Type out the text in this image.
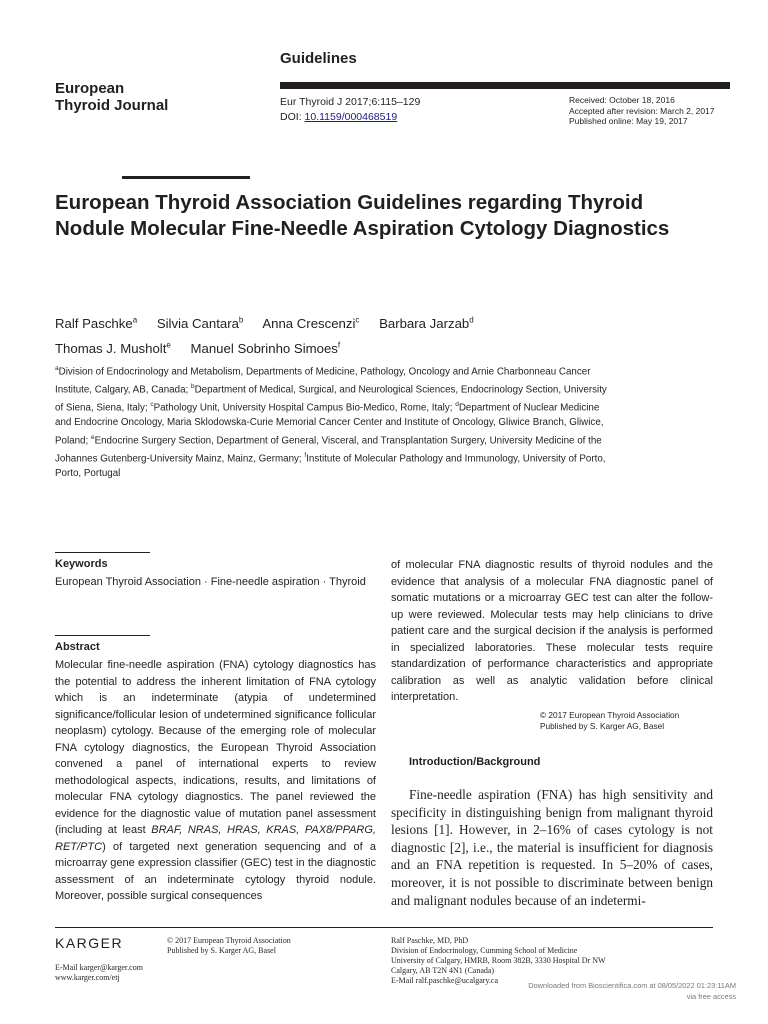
Guidelines
European
Thyroid Journal	Eur Thyroid J 2017;6:115–129
DOI: 10.1159/000468519
Received: October 18, 2016
Accepted after revision: March 2, 2017
Published online: May 19, 2017
European Thyroid Association Guidelines regarding Thyroid Nodule Molecular Fine-Needle Aspiration Cytology Diagnostics
Ralf Paschke$^a$ Silvia Cantara$^b$ Anna Crescenzi$^c$ Barbara Jarzab$^d$
Thomas J. Musholt$^e$ Manuel Sobrinho Simoes$^f$
$^a$Division of Endocrinology and Metabolism, Departments of Medicine, Pathology, Oncology and Arnie Charbonneau Cancer Institute, Calgary, AB, Canada; $^b$Department of Medical, Surgical, and Neurological Sciences, Endocrinology Section, University of Siena, Siena, Italy; $^c$Pathology Unit, University Hospital Campus Bio-Medico, Rome, Italy; $^d$Department of Nuclear Medicine and Endocrine Oncology, Maria Sklodowska-Curie Memorial Cancer Center and Institute of Oncology, Gliwice Branch, Gliwice, Poland; $^e$Endocrine Surgery Section, Department of General, Visceral, and Transplantation Surgery, University Medicine of the Johannes Gutenberg-University Mainz, Mainz, Germany; $^f$Institute of Molecular Pathology and Immunology, University of Porto, Porto, Portugal
Keywords
European Thyroid Association · Fine-needle aspiration · Thyroid
Abstract
Molecular fine-needle aspiration (FNA) cytology diagnostics has the potential to address the inherent limitation of FNA cytology which is an indeterminate (atypia of undetermined significance/follicular lesion of undetermined significance follicular neoplasm) cytology. Because of the emerging role of molecular FNA cytology diagnostics, the European Thyroid Association convened a panel of international experts to review methodological aspects, indications, results, and limitations of molecular FNA cytology diagnostics. The panel reviewed the evidence for the diagnostic value of mutation panel assessment (including at least BRAF, NRAS, HRAS, KRAS, PAX8/PPARG, RET/PTC) of targeted next generation sequencing and of a microarray gene expression classifier (GEC) test in the diagnostic assessment of an indeterminate cytology thyroid nodule. Moreover, possible surgical consequences
of molecular FNA diagnostic results of thyroid nodules and the evidence that analysis of a molecular FNA diagnostic panel of somatic mutations or a microarray GEC test can alter the follow-up were reviewed. Molecular tests may help clinicians to drive patient care and the surgical decision if the analysis is performed in specialized laboratories. These molecular tests require standardization of performance characteristics and appropriate calibration as well as analytic validation before clinical interpretation.
© 2017 European Thyroid Association
Published by S. Karger AG, Basel
Introduction/Background

Fine-needle aspiration (FNA) has high sensitivity and specificity in distinguishing benign from malignant thyroid lesions [1]. However, in 2–16% of cases cytology is not diagnostic [2], i.e., the material is insufficient for diagnosis and an FNA repetition is requested. In 5–20% of cases, moreover, it is not possible to discriminate between benign and malignant nodules because of an indetermi-

KARGER	© 2017 European Thyroid Association
Published by S. Karger AG, Basel
E-Mail karger@karger.com
www.karger.com/etj
Ralf Paschke, MD, PhD
Division of Endocrinology, Cumming School of Medicine
University of Calgary, HMRB, Room 382B, 3330 Hospital Dr NW
Calgary, AB T2N 4N1 (Canada)
E-Mail ralf.paschke@ucalgary.ca
Downloaded from Bioscientifica.com at 08/05/2022 01:23:11AM
via free access
